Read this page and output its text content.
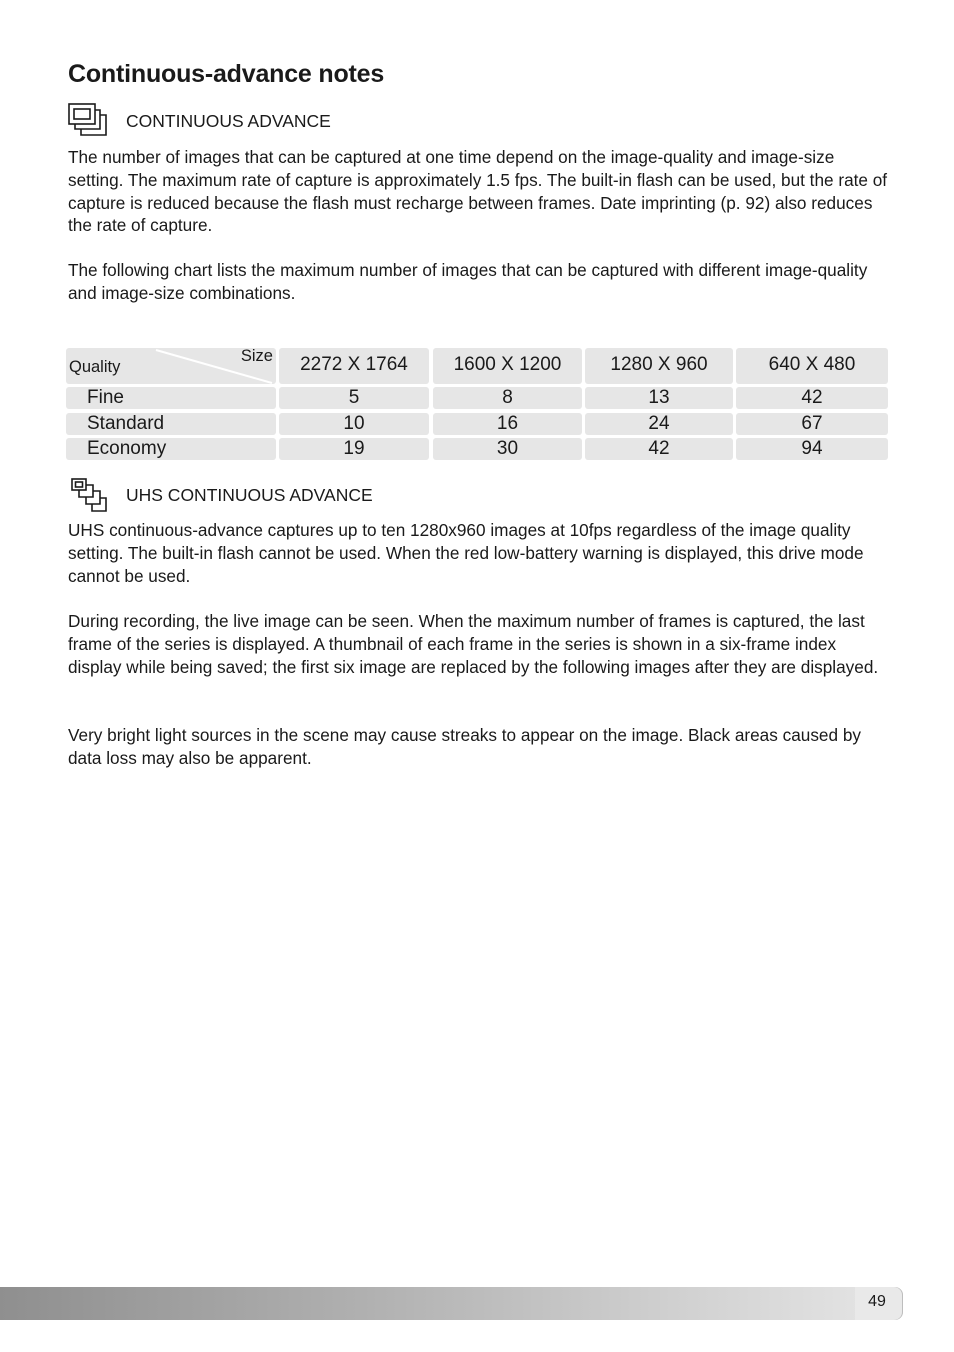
Continuous-advance notes
CONTINUOUS ADVANCE

The number of images that can be captured at one time depend on the image-quality and image-size setting. The maximum rate of capture is approximately 1.5 fps. The built-in flash can be used, but the rate of capture is reduced because the flash must recharge between frames. Date imprinting (p. 92) also reduces the rate of capture.

The following chart lists the maximum number of images that can be captured with different image-quality and image-size combinations.

Size
Quality	2272 X 1764	1600 X 1200	1280 X 960	640 X 480
Fine	5	8	13	42
Standard	10	16	24	67
Economy	19	30	42	94
UHS CONTINUOUS ADVANCE

UHS continuous-advance captures up to ten 1280x960 images at 10fps regardless of the image quality setting. The built-in flash cannot be used. When the red low-battery warning is displayed, this drive mode cannot be used.

During recording, the live image can be seen. When the maximum number of frames is captured, the last frame of the series is displayed. A thumbnail of each frame in the series is shown in a six-frame index display while being saved; the first six image are replaced by the following images after they are displayed.

Very bright light sources in the scene may cause streaks to appear on the image. Black areas caused by data loss may also be apparent.

49
